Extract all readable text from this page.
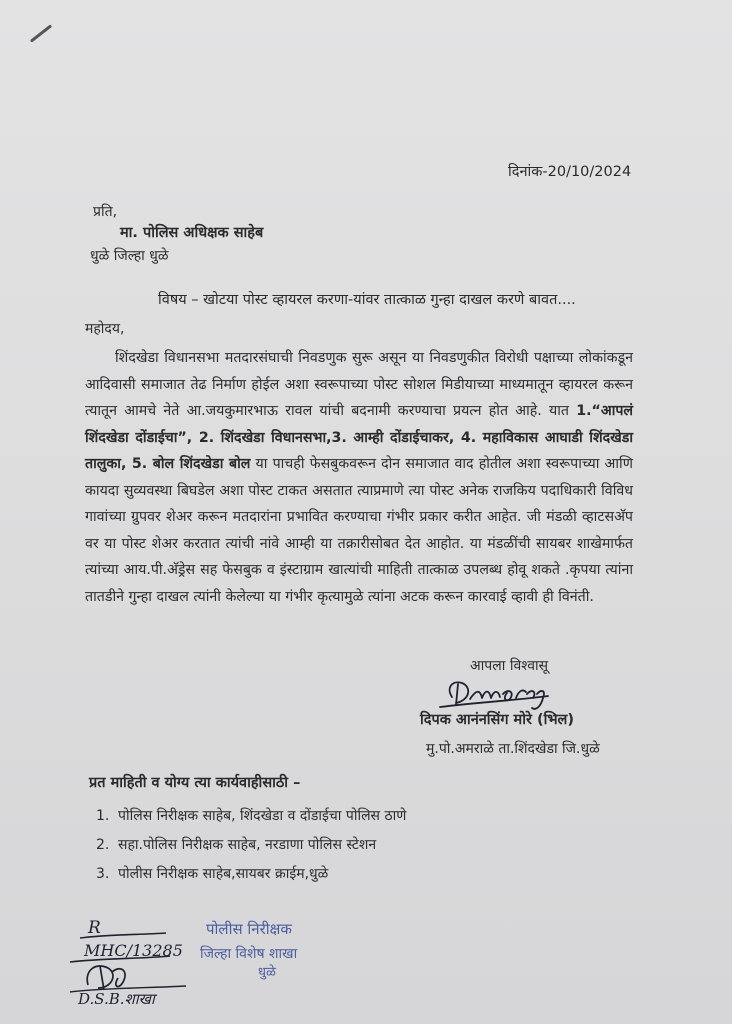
दिनांक-20/10/2024
प्रति,
मा. पोलिस अधिक्षक साहेब
धुळे जिल्हा धुळे
विषय – खोटया पोस्ट व्हायरल करणा-यांवर तात्काळ गुन्हा दाखल करणे बावत....
महोदय,
शिंदखेडा विधानसभा मतदारसंघाची निवडणुक सुरू असून या निवडणुकीत विरोधी पक्षाच्या लोकांकडून आदिवासी समाजात तेढ निर्माण होईल अशा स्वरूपाच्या पोस्ट सोशल मिडीयाच्या माध्यमातून व्हायरल करून त्यातून आमचे नेते आ.जयकुमारभाऊ रावल यांची बदनामी करण्याचा प्रयत्न होत आहे. यात 1.“आपलं शिंदखेडा दोंडाईचा”, 2. शिंदखेडा विधानसभा,3. आम्ही दोंडाईचाकर, 4. महाविकास आघाडी शिंदखेडा तालुका, 5. बोल शिंदखेडा बोल या पाचही फेसबुकवरून दोन समाजात वाद होतील अशा स्वरूपाच्या आणि कायदा सुव्यवस्था बिघडेल अशा पोस्ट टाकत असतात त्याप्रमाणे त्या पोस्ट अनेक राजकिय पदाधिकारी विविध गावांच्या ग्रुपवर शेअर करून मतदारांना प्रभावित करण्याचा गंभीर प्रकार करीत आहेत. जी मंडळी व्हाटसअ‍ॅप वर या पोस्ट शेअर करतात त्यांची नांवे आम्ही या तक्रारीसोबत देत आहोत. या मंडळींची सायबर शाखेमार्फत त्यांच्या आय.पी.अ‍ॅड्रेस सह फेसबुक व इंस्टाग्राम खात्यांची माहिती तात्काळ उपलब्ध होवू शकते .कृपया त्यांना तातडीने गुन्हा दाखल त्यांनी केलेल्या या गंभीर कृत्यामुळे त्यांना अटक करून कारवाई व्हावी ही विनंती.
आपला विश्वासू
दिपक आनंनसिंग मोरे (भिल)
मु.पो.अमराळे ता.शिंदखेडा जि.धुळे
प्रत माहिती व योग्य त्या कार्यवाहीसाठी –
1. पोलिस निरीक्षक साहेब, शिंदखेडा व दोंडाईचा पोलिस ठाणे
2. सहा.पोलिस निरीक्षक साहेब, नरडाणा पोलिस स्टेशन
3. पोलीस निरीक्षक साहेब,सायबर क्राईम,धुळे
R
MHC/13285
D.S.B.शाखा
पोलीस निरीक्षक
जिल्हा विशेष शाखा
धुळे
